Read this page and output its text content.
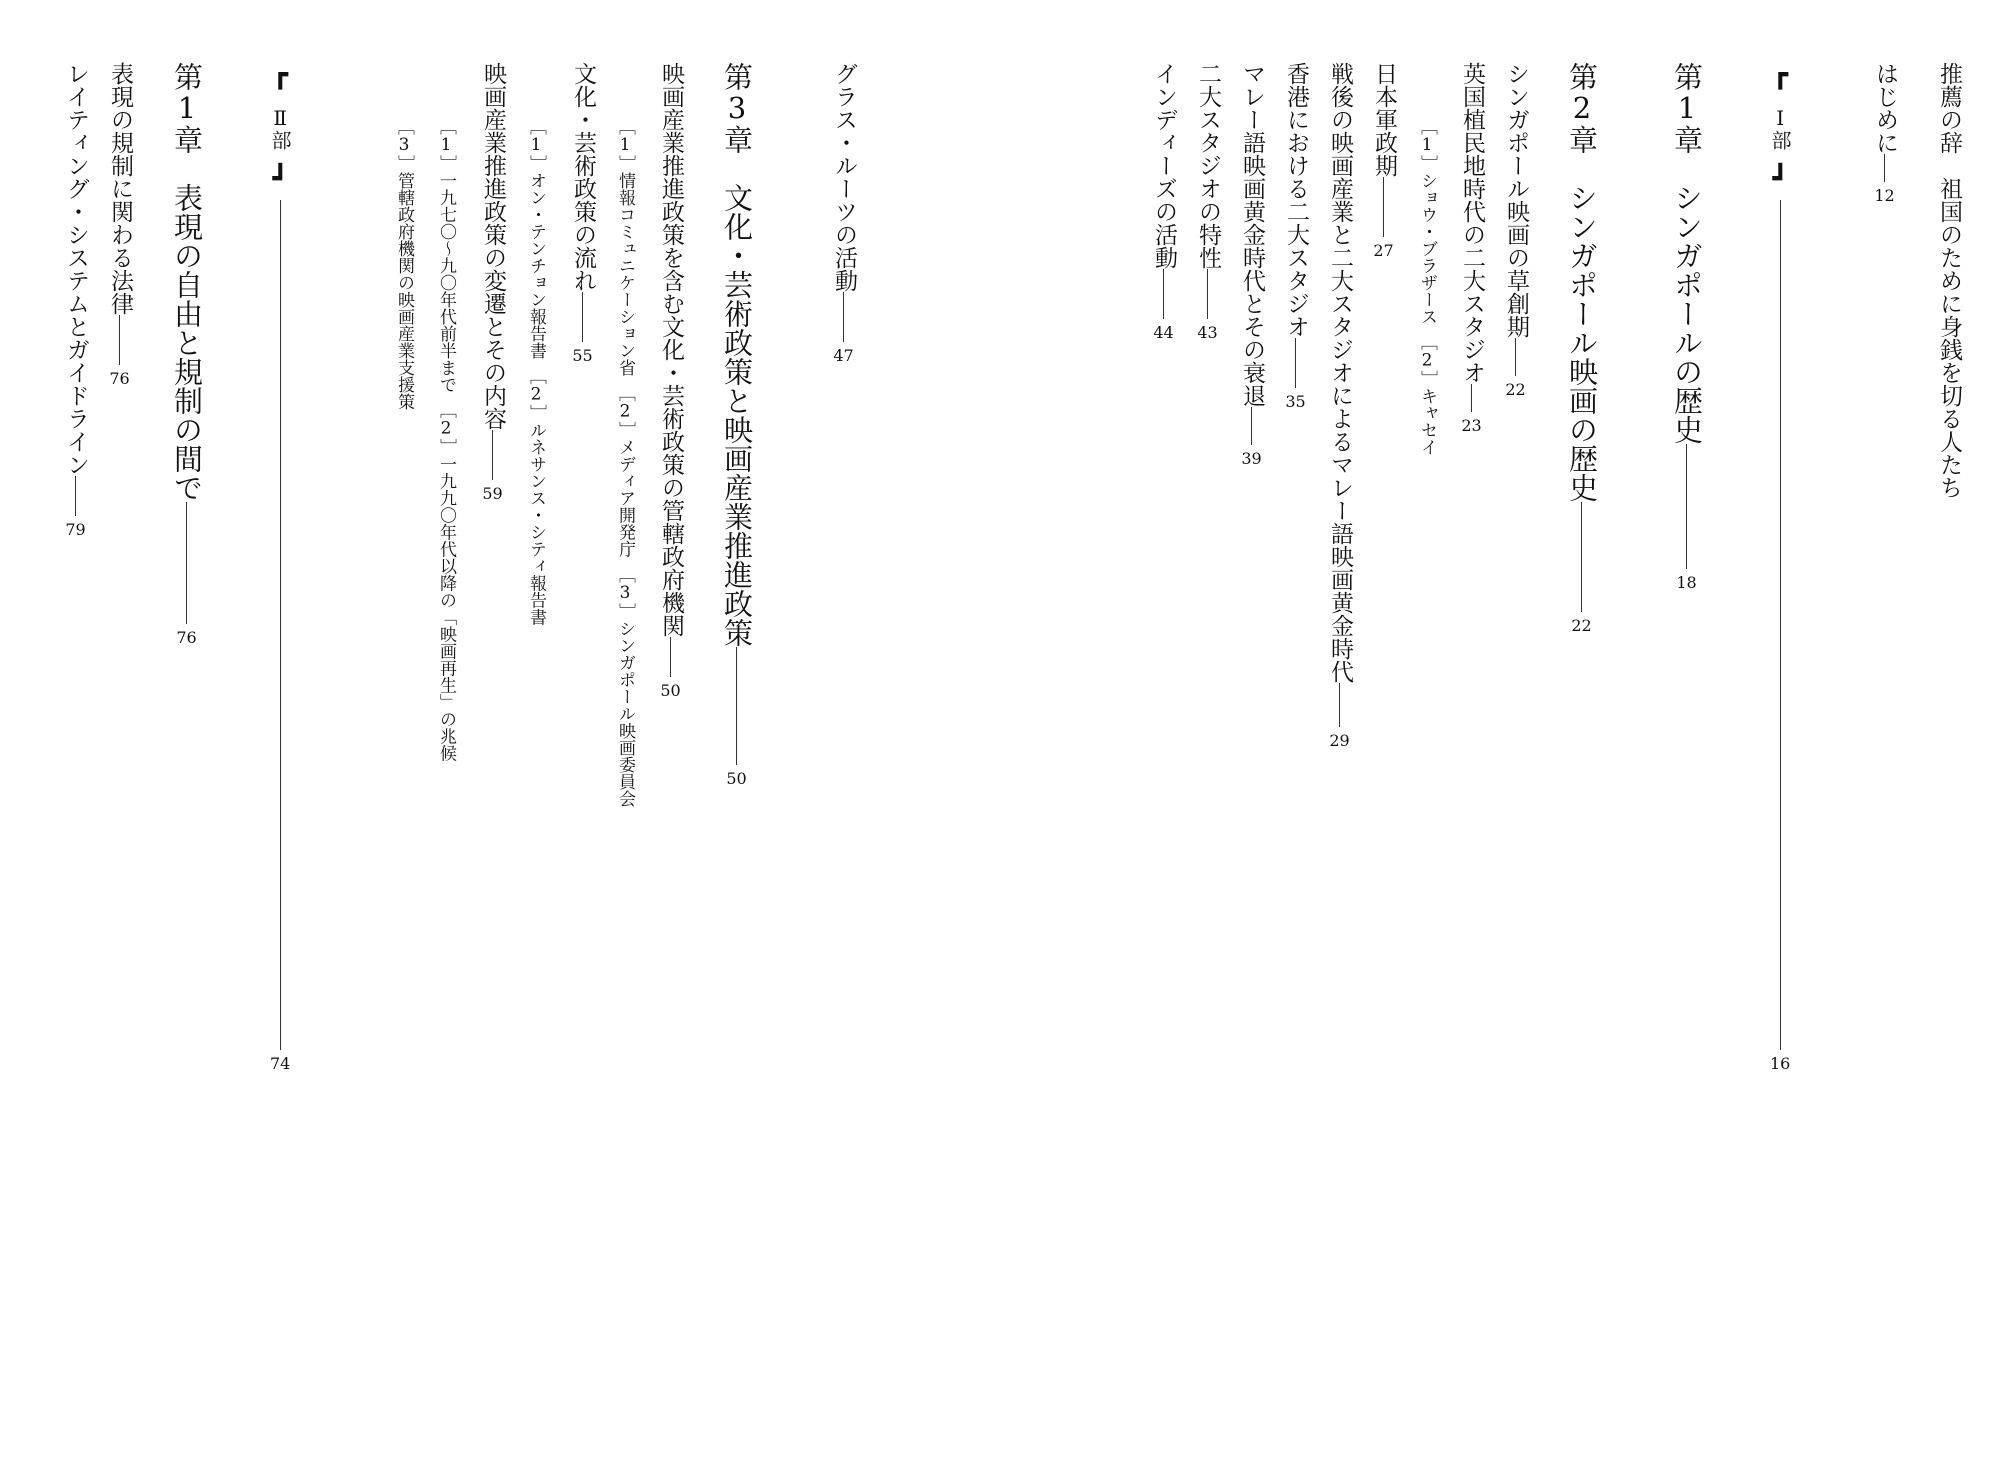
推薦の辞　祖国のために身銭を切る人たち
はじめに
12
┏
Ⅰ部
┛
16
第1章　シンガポールの歴史
18
第2章　シンガポール映画の歴史
22
シンガポール映画の草創期
22
英国植民地時代の二大スタジオ
23
［1］ショウ・ブラザース　［2］キャセイ
日本軍政期
27
戦後の映画産業と二大スタジオによるマレー語映画黄金時代
29
香港における二大スタジオ
35
マレー語映画黄金時代とその衰退
39
二大スタジオの特性
43
インディーズの活動
44
グラス・ルーツの活動
47
第3章　文化・芸術政策と映画産業推進政策
50
映画産業推進政策を含む文化・芸術政策の管轄政府機関
50
［1］情報コミュニケーション省　［2］メディア開発庁　［3］シンガポール映画委員会
文化・芸術政策の流れ
55
［1］オン・テンチョン報告書　［2］ルネサンス・シティ報告書
映画産業推進政策の変遷とその内容
59
［1］一九七〇～九〇年代前半まで　［2］一九九〇年代以降の「映画再生」の兆候
［3］管轄政府機関の映画産業支援策
┏
Ⅱ部
┛
74
第1章　表現の自由と規制の間で
76
表現の規制に関わる法律
76
レイティング・システムとガイドライン
79
